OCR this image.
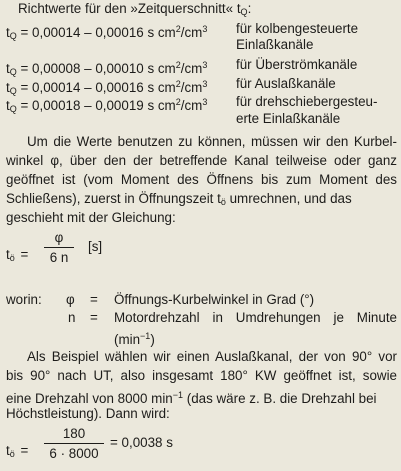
Richtwerte für den »Zeitquerschnitt« $t_Q$:
$t_Q = 0,00014 - 0,00016$ s $cm^2/cm^3$ für kolbengesteuerte
Einlaßkanäle
$t_Q = 0,00008 - 0,00010$ s $cm^2/cm^3$ für Überströmkanäle
$t_Q = 0,00014 - 0,00016$ s $cm^2/cm^3$ für Auslaßkanäle
$t_Q = 0,00018 - 0,00019$ s $cm^2/cm^3$ für drehschiebergesteu-
erte Einlaßkanäle
Um die Werte benutzen zu können, müssen wir den Kurbel-
winkel φ, über den der betreffende Kanal teilweise oder ganz
geöffnet ist (vom Moment des Öffnens bis zum Moment des
Schließens), zuerst in Öffnungszeit $t_ö$ umrechnen, und das
geschieht mit der Gleichung:
$t_ö$ =
φ
6 n
[s]
worin: φ = Öffnungs-Kurbelwinkel in Grad (°)
n = Motordrehzahl in Umdrehungen je Minute
$(\min^{-1})$
Als Beispiel wählen wir einen Auslaßkanal, der von 90° vor
bis 90° nach UT, also insgesamt 180° KW geöffnet ist, sowie
eine Drehzahl von 8000 $\min^{-1} (das$ wäre z. B. die Drehzahl bei
Höchstleistung). Dann wird:
$t_ö$ =
180
6 · 8000
= 0,0038 s
